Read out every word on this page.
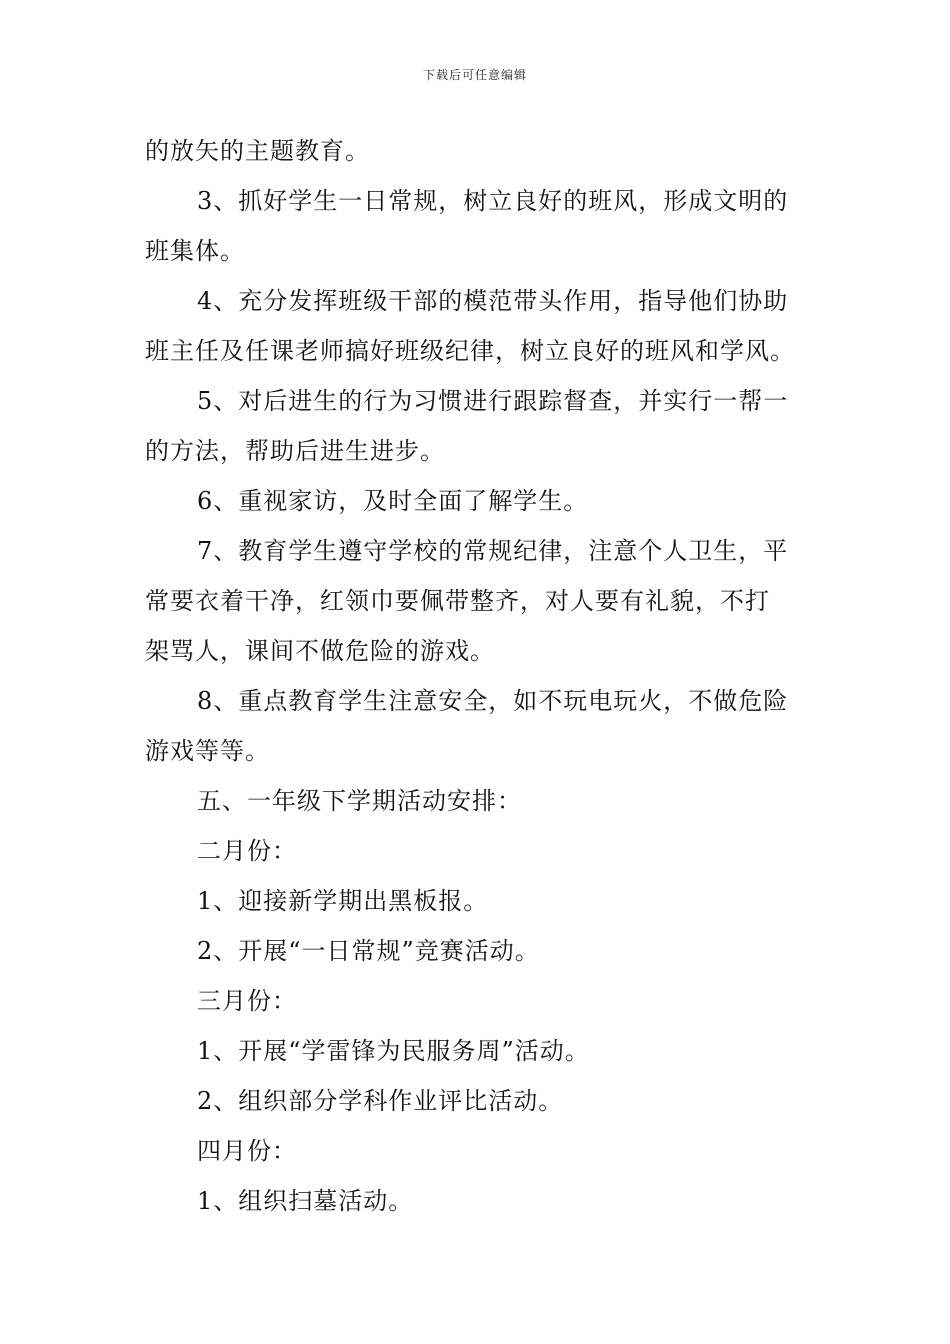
下载后可任意编辑
的放矢的主题教育。
3、抓好学生一日常规，树立良好的班风，形成文明的
班集体。
4、充分发挥班级干部的模范带头作用，指导他们协助
班主任及任课老师搞好班级纪律，树立良好的班风和学风。
5、对后进生的行为习惯进行跟踪督查，并实行一帮一
的方法，帮助后进生进步。
6、重视家访，及时全面了解学生。
7、教育学生遵守学校的常规纪律，注意个人卫生，平
常要衣着干净，红领巾要佩带整齐，对人要有礼貌，不打
架骂人，课间不做危险的游戏。
8、重点教育学生注意安全，如不玩电玩火，不做危险
游戏等等。
五、一年级下学期活动安排：
二月份：
1、迎接新学期出黑板报。
2、开展“一日常规”竞赛活动。
三月份：
1、开展“学雷锋为民服务周”活动。
2、组织部分学科作业评比活动。
四月份：
1、组织扫墓活动。
